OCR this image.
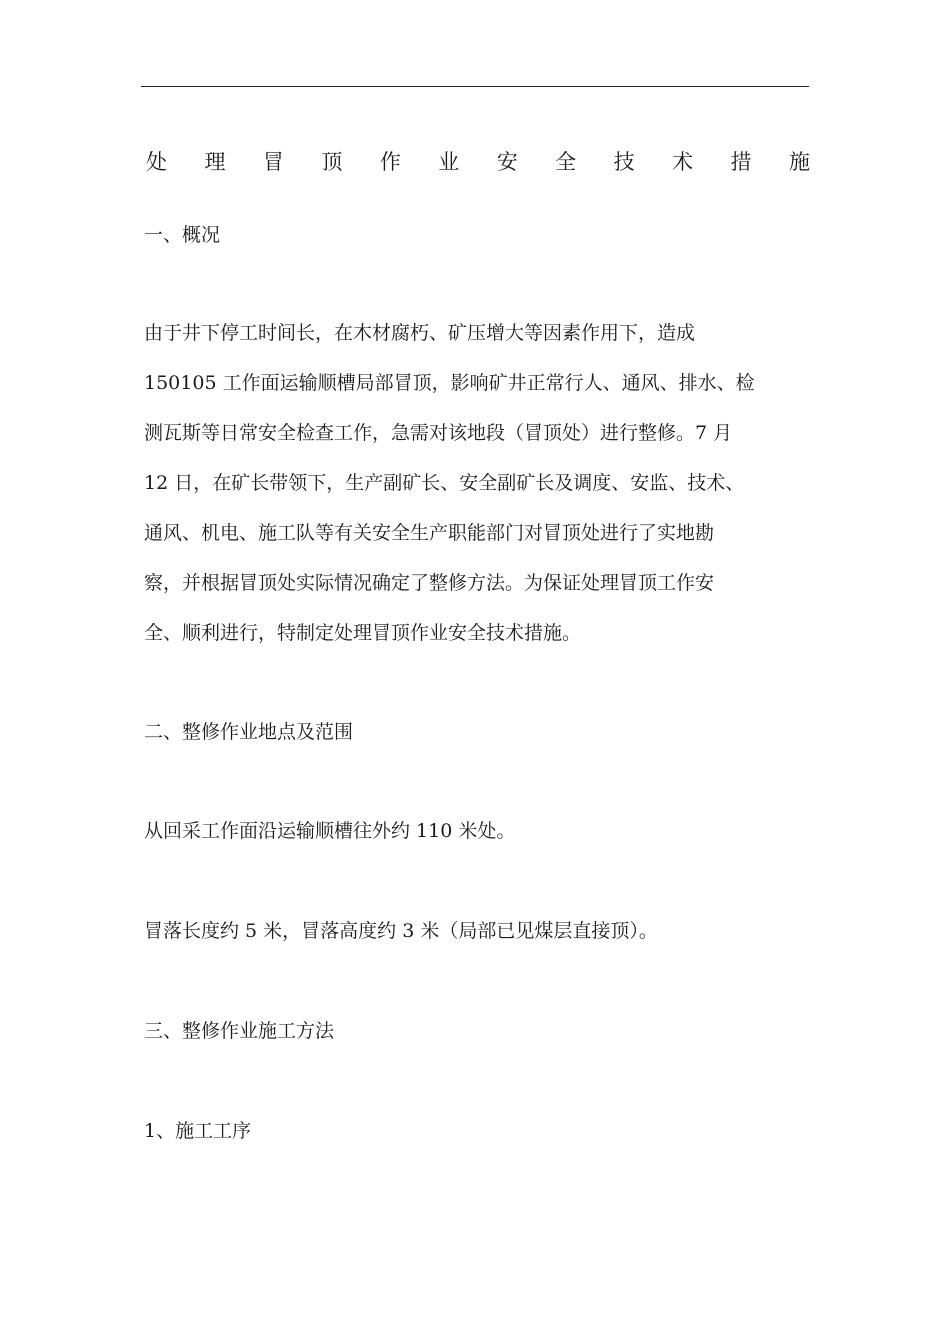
处 理 冒 顶 作 业 安 全 技 术 措 施
一、概况
由于井下停工时间长，在木材腐朽、矿压增大等因素作用下，造成
150105 工作面运输顺槽局部冒顶，影响矿井正常行人、通风、排水、检
测瓦斯等日常安全检查工作，急需对该地段（冒顶处）进行整修。7 月
12 日，在矿长带领下，生产副矿长、安全副矿长及调度、安监、技术、
通风、机电、施工队等有关安全生产职能部门对冒顶处进行了实地勘
察，并根据冒顶处实际情况确定了整修方法。为保证处理冒顶工作安
全、顺利进行，特制定处理冒顶作业安全技术措施。
二、整修作业地点及范围
从回采工作面沿运输顺槽往外约 110 米处。
冒落长度约 5 米，冒落高度约 3 米（局部已见煤层直接顶）。
三、整修作业施工方法
1、施工工序
